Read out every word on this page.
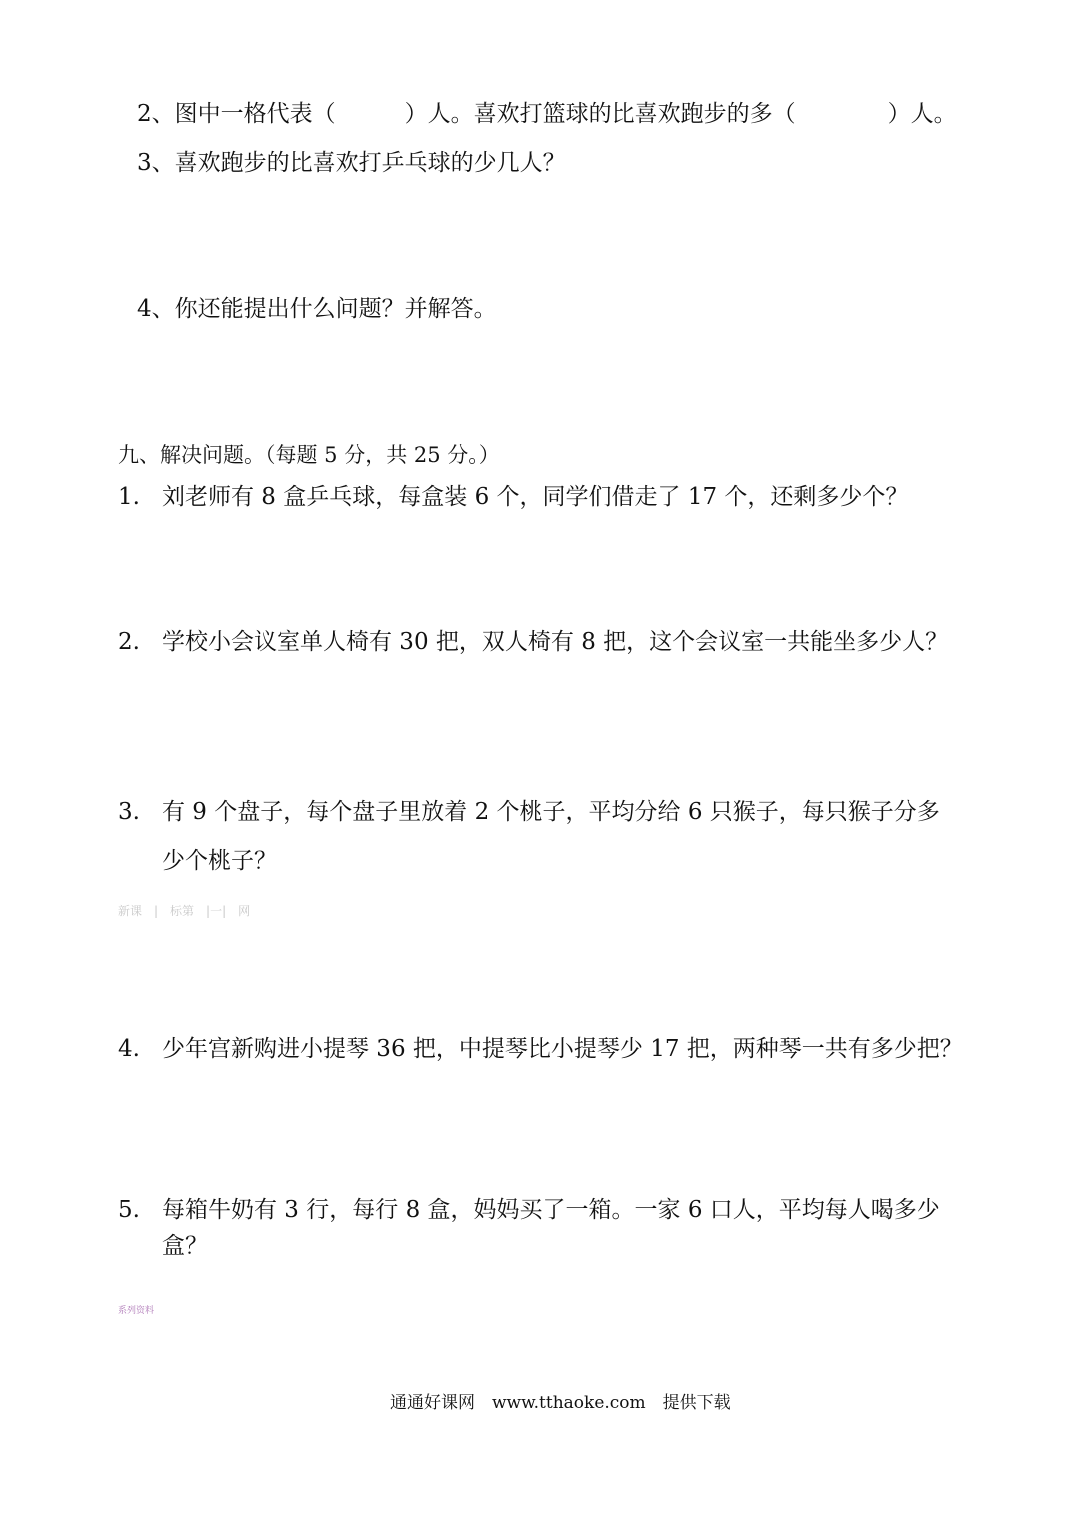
2、图中一格代表（　　　）人。喜欢打篮球的比喜欢跑步的多（　　　　）人。
3、喜欢跑步的比喜欢打乒乓球的少几人？
4、你还能提出什么问题？并解答。
九、解决问题。（每题 5 分，共 25 分。）
1. 刘老师有 8 盒乒乓球，每盒装 6 个，同学们借走了 17 个，还剩多少个？
2. 学校小会议室单人椅有 30 把，双人椅有 8 把，这个会议室一共能坐多少人？
3. 有 9 个盘子，每个盘子里放着 2 个桃子，平均分给 6 只猴子，每只猴子分多
少个桃子？
新课　|　标第　|一|　网
4. 少年宫新购进小提琴 36 把，中提琴比小提琴少 17 把，两种琴一共有多少把？
5. 每箱牛奶有 3 行，每行 8 盒，妈妈买了一箱。一家 6 口人，平均每人喝多少
盒？
系列资料
通通好课网　www.tthaoke.com　提供下载
